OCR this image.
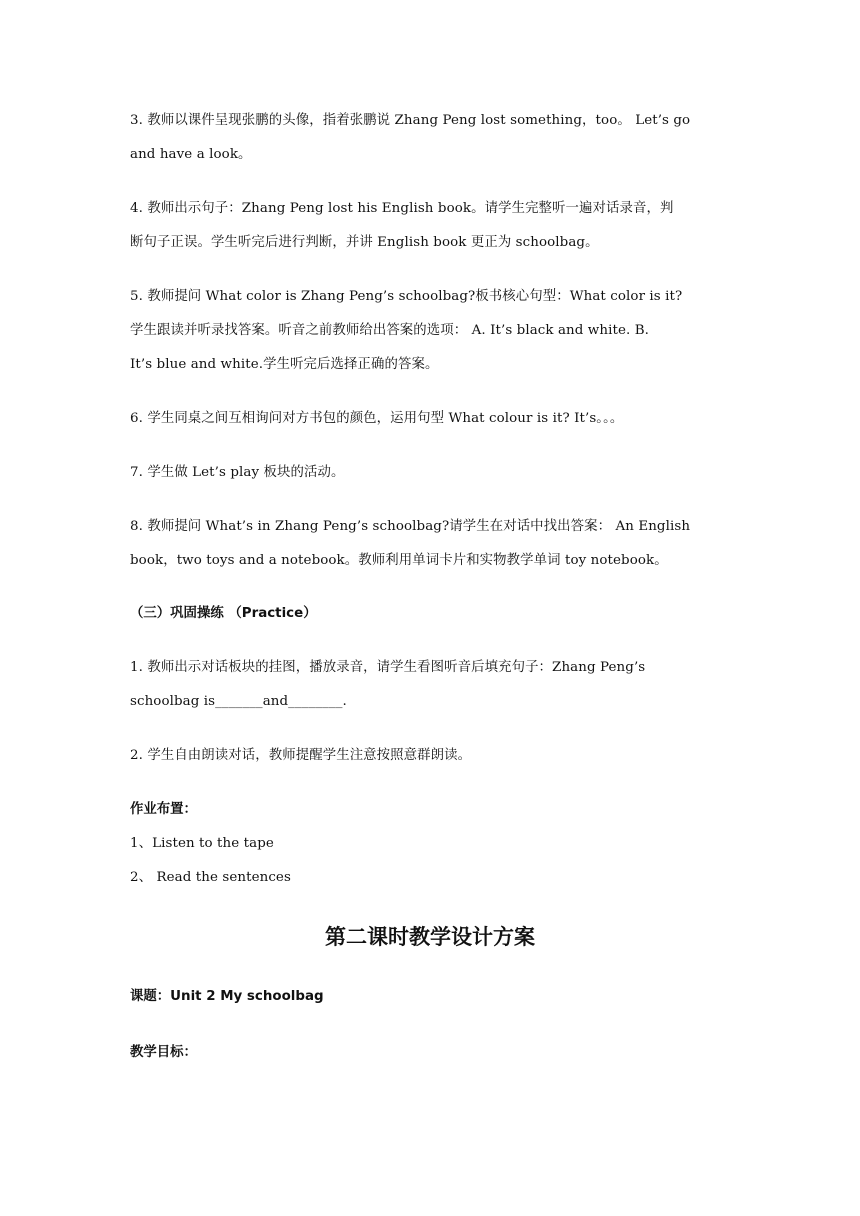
3. 教师以课件呈现张鹏的头像，指着张鹏说 Zhang Peng lost something，too。 Let’s go
and have a look。
4. 教师出示句子：Zhang Peng lost his English book。请学生完整听一遍对话录音，判
断句子正误。学生听完后进行判断，并讲 English book 更正为 schoolbag。
5. 教师提问 What color is Zhang Peng’s schoolbag?板书核心句型：What color is it?
学生跟读并听录找答案。听音之前教师给出答案的选项： A. It’s black and white. B.
It’s blue and white.学生听完后选择正确的答案。
6. 学生同桌之间互相询问对方书包的颜色，运用句型 What colour is it? It’s。。。
7. 学生做 Let’s play 板块的活动。
8. 教师提问 What’s in Zhang Peng’s schoolbag?请学生在对话中找出答案： An English
book，two toys and a notebook。教师利用单词卡片和实物教学单词 toy notebook。

（三）巩固操练 （Practice）

1. 教师出示对话板块的挂图，播放录音，请学生看图听音后填充句子：Zhang Peng’s
schoolbag is_______and________.
2. 学生自由朗读对话，教师提醒学生注意按照意群朗读。

作业布置：

1、Listen to the tape
2、 Read the sentences

第二课时教学设计方案

课题：Unit 2 My schoolbag

教学目标：
